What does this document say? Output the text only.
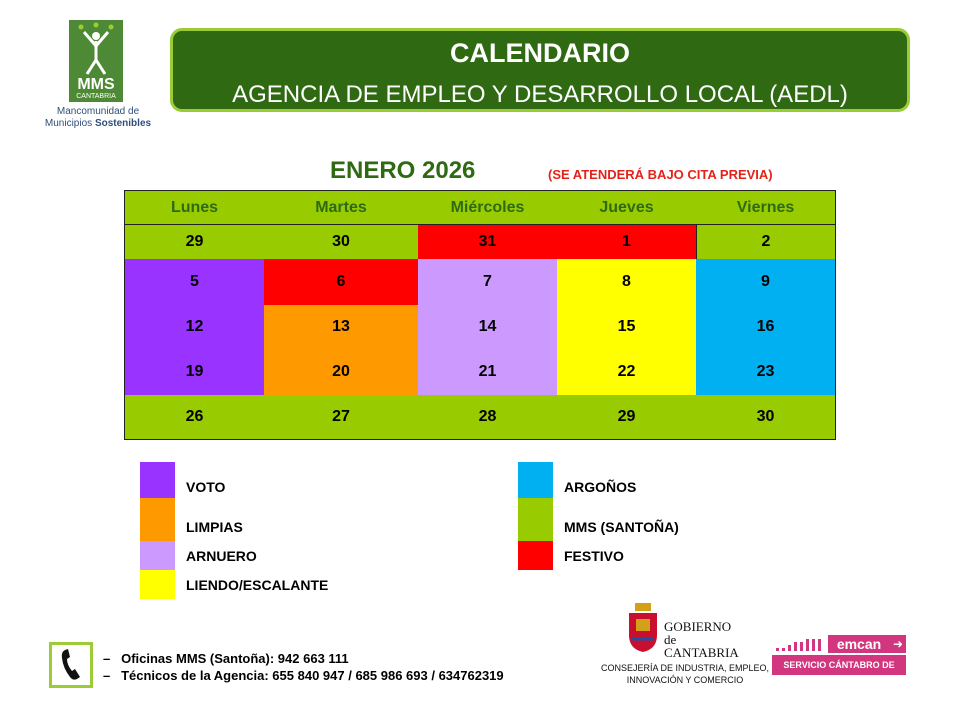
MMS
CANTABRIA
Mancomunidad de
Municipios Sostenibles
CALENDARIO
AGENCIA DE EMPLEO Y DESARROLLO LOCAL (AEDL)
ENERO 2026	(SE ATENDERÁ BAJO CITA PREVIA)
Lunes	Martes	Miércoles	Jueves	Viernes
29	30	31	1	2
5	6	7	8	9
12	13	14	15	16
19	20	21	22	23
26	27	28	29	30
VOTO
LIMPIAS
ARNUERO
LIENDO/ESCALANTE
ARGOÑOS
MMS (SANTOÑA)
FESTIVO
– Oficinas MMS (Santoña): 942 663 111
– Técnicos de la Agencia: 655 840 947 / 685 986 693 / 634762319
GOBIERNO
de
CANTABRIA
CONSEJERÍA DE INDUSTRIA, EMPLEO,
INNOVACIÓN Y COMERCIO
emcan ➜
SERVICIO CÁNTABRO DE EMPLEO
